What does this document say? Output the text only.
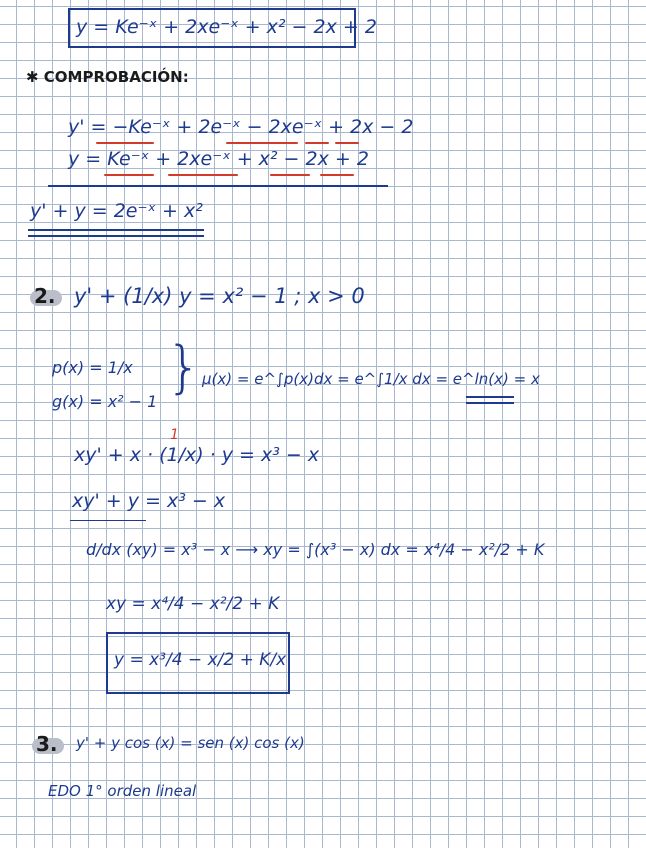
y = Ke⁻ˣ + 2xe⁻ˣ + x² − 2x + 2
✱ COMPROBACIÓN:
y' = −Ke⁻ˣ + 2e⁻ˣ − 2xe⁻ˣ + 2x − 2
y = Ke⁻ˣ + 2xe⁻ˣ + x² − 2x + 2
y' + y = 2e⁻ˣ + x²
2. y' + (1/x) y = x² − 1 ; x > 0
p(x) = 1/x
g(x) = x² − 1
} μ(x) = e^∫p(x)dx = e^∫1/x dx = e^ln(x) = x
xy' + x · (1/x) · y = x³ − x
1
xy' + y = x³ − x
d/dx (xy) = x³ − x ⟶ xy = ∫(x³ − x) dx = x⁴/4 − x²/2 + K
xy = x⁴/4 − x²/2 + K
y = x³/4 − x/2 + K/x
3. y' + y cos (x) = sen (x) cos (x)
EDO 1° orden lineal
